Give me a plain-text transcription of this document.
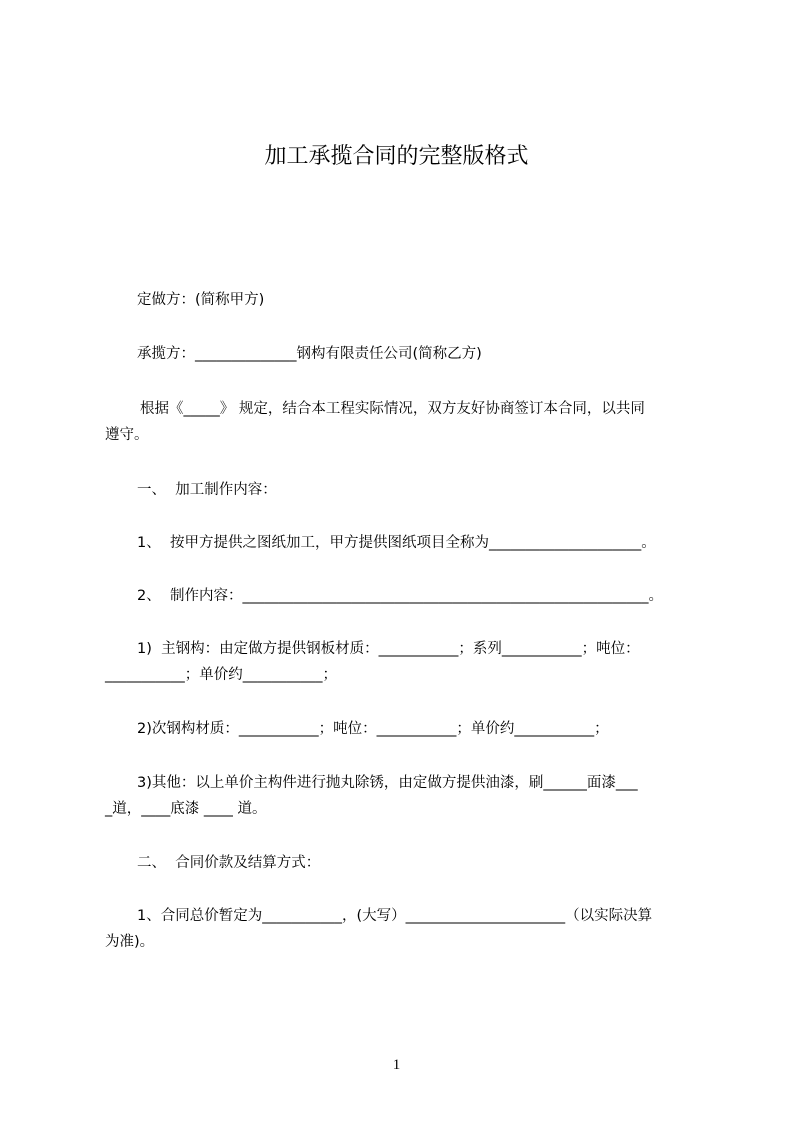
加工承揽合同的完整版格式
定做方：(简称甲方)
承揽方：______________钢构有限责任公司(简称乙方)
根据《_____》 规定，结合本工程实际情况，双方友好协商签订本合同，以共同
遵守。
一、  加工制作内容：
1、  按甲方提供之图纸加工，甲方提供图纸项目全称为_____________________。
2、  制作内容：________________________________________________________。
1)  主钢构：由定做方提供钢板材质：___________；系列___________；吨位：
___________；单价约___________；
2)次钢构材质：___________；吨位：___________；单价约___________；
3)其他：以上单价主构件进行抛丸除锈，由定做方提供油漆，刷______面漆___
_道，____底漆 ____ 道。
二、  合同价款及结算方式：
1、合同总价暂定为___________，(大写）______________________（以实际决算
为准)。
1
